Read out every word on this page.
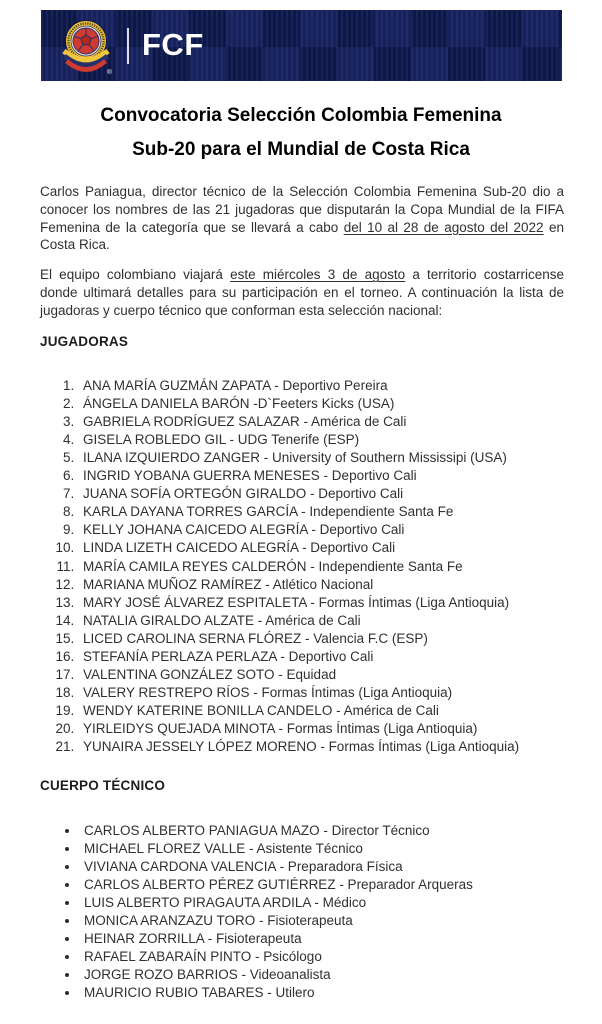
®
FCF
Convocatoria Selección Colombia Femenina
Sub-20 para el Mundial de Costa Rica

Carlos Paniagua, director técnico de la Selección Colombia Femenina Sub-20 dio a conocer los nombres de las 21 jugadoras que disputarán la Copa Mundial de la FIFA Femenina de la categoría que se llevará a cabo del 10 al 28 de agosto del 2022 en Costa Rica.

El equipo colombiano viajará este miércoles 3 de agosto a territorio costarricense donde ultimará detalles para su participación en el torneo. A continuación la lista de jugadoras y cuerpo técnico que conforman esta selección nacional:

JUGADORAS
1. ANA MARÍA GUZMÁN ZAPATA - Deportivo Pereira
2. ÁNGELA DANIELA BARÓN -D`Feeters Kicks (USA)
3. GABRIELA RODRÍGUEZ SALAZAR - América de Cali
4. GISELA ROBLEDO GIL - UDG Tenerife (ESP)
5. ILANA IZQUIERDO ZANGER - University of Southern Mississipi (USA)
6. INGRID YOBANA GUERRA MENESES - Deportivo Cali
7. JUANA SOFÍA ORTEGÓN GIRALDO - Deportivo Cali
8. KARLA DAYANA TORRES GARCÍA - Independiente Santa Fe
9. KELLY JOHANA CAICEDO ALEGRÍA - Deportivo Cali
10. LINDA LIZETH CAICEDO ALEGRÍA - Deportivo Cali
11. MARÍA CAMILA REYES CALDERÓN - Independiente Santa Fe
12. MARIANA MUÑOZ RAMÍREZ - Atlético Nacional
13. MARY JOSÉ ÁLVAREZ ESPITALETA - Formas Íntimas (Liga Antioquia)
14. NATALIA GIRALDO ALZATE - América de Cali
15. LICED CAROLINA SERNA FLÓREZ - Valencia F.C (ESP)
16. STEFANÍA PERLAZA PERLAZA - Deportivo Cali
17. VALENTINA GONZÁLEZ SOTO - Equidad
18. VALERY RESTREPO RÍOS - Formas Íntimas (Liga Antioquia)
19. WENDY KATERINE BONILLA CANDELO - América de Cali
20. YIRLEIDYS QUEJADA MINOTA - Formas Íntimas (Liga Antioquia)
21. YUNAIRA JESSELY LÓPEZ MORENO - Formas Íntimas (Liga Antioquia)
CUERPO TÉCNICO
• CARLOS ALBERTO PANIAGUA MAZO - Director Técnico
• MICHAEL FLOREZ VALLE - Asistente Técnico
• VIVIANA CARDONA VALENCIA - Preparadora Física
• CARLOS ALBERTO PÉREZ GUTIÉRREZ - Preparador Arqueras
• LUIS ALBERTO PIRAGAUTA ARDILA - Médico
• MONICA ARANZAZU TORO - Fisioterapeuta
• HEINAR ZORRILLA - Fisioterapeuta
• RAFAEL ZABARAÍN PINTO - Psicólogo
• JORGE ROZO BARRIOS - Videoanalista
• MAURICIO RUBIO TABARES - Utilero
